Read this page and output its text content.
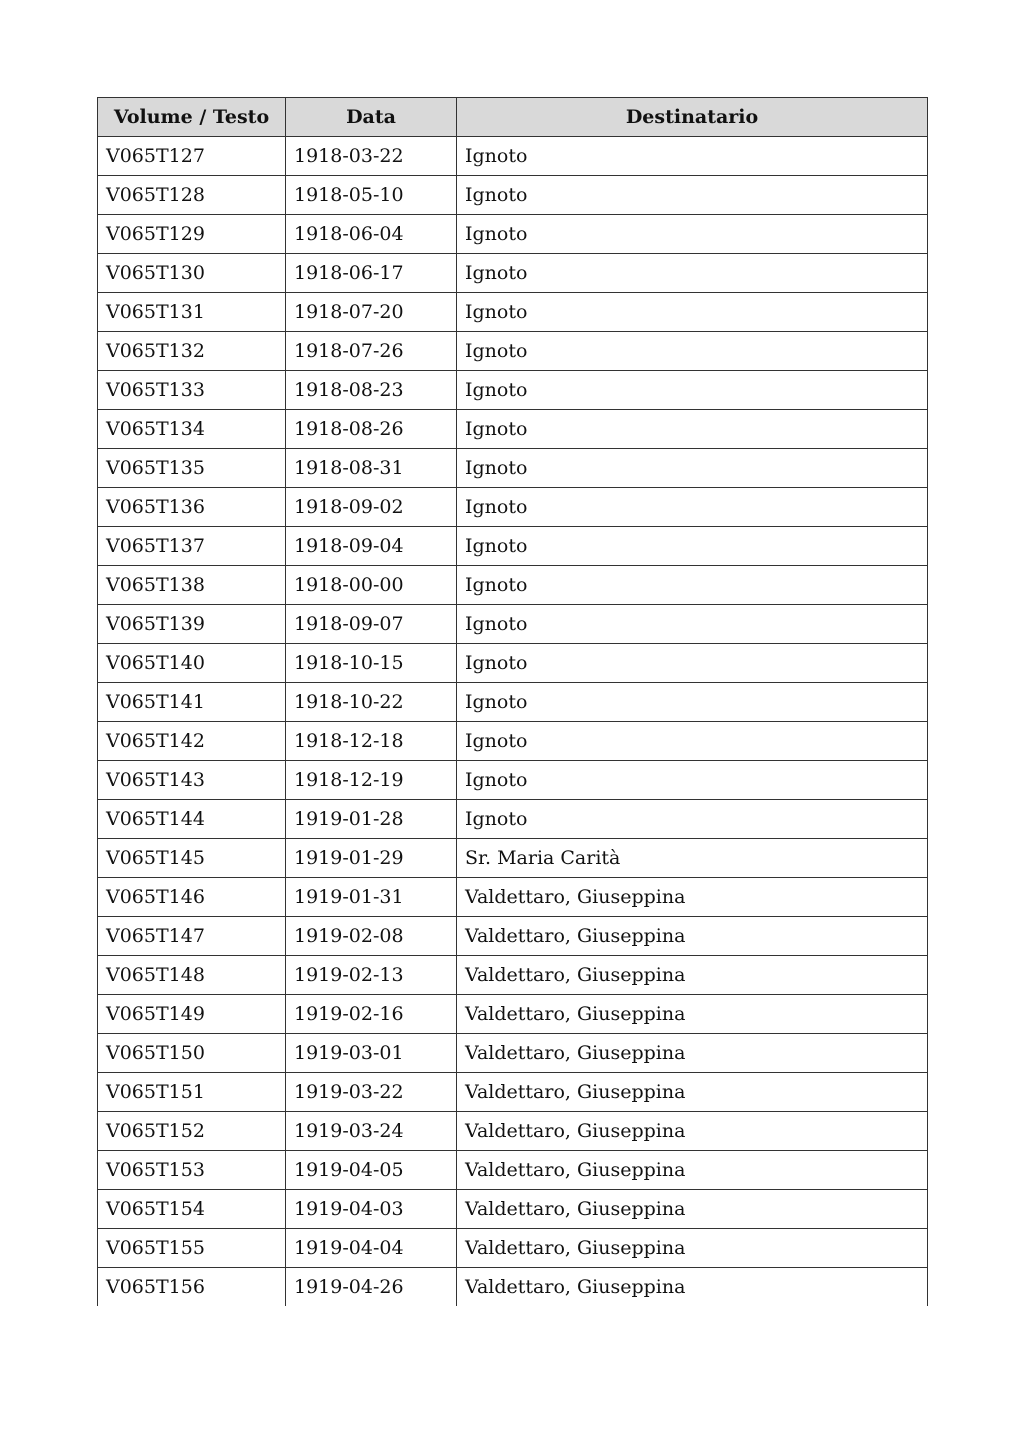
Volume / Testo	Data	Destinatario
V065T127	1918-03-22	Ignoto
V065T128	1918-05-10	Ignoto
V065T129	1918-06-04	Ignoto
V065T130	1918-06-17	Ignoto
V065T131	1918-07-20	Ignoto
V065T132	1918-07-26	Ignoto
V065T133	1918-08-23	Ignoto
V065T134	1918-08-26	Ignoto
V065T135	1918-08-31	Ignoto
V065T136	1918-09-02	Ignoto
V065T137	1918-09-04	Ignoto
V065T138	1918-00-00	Ignoto
V065T139	1918-09-07	Ignoto
V065T140	1918-10-15	Ignoto
V065T141	1918-10-22	Ignoto
V065T142	1918-12-18	Ignoto
V065T143	1918-12-19	Ignoto
V065T144	1919-01-28	Ignoto
V065T145	1919-01-29	Sr. Maria Carità
V065T146	1919-01-31	Valdettaro, Giuseppina
V065T147	1919-02-08	Valdettaro, Giuseppina
V065T148	1919-02-13	Valdettaro, Giuseppina
V065T149	1919-02-16	Valdettaro, Giuseppina
V065T150	1919-03-01	Valdettaro, Giuseppina
V065T151	1919-03-22	Valdettaro, Giuseppina
V065T152	1919-03-24	Valdettaro, Giuseppina
V065T153	1919-04-05	Valdettaro, Giuseppina
V065T154	1919-04-03	Valdettaro, Giuseppina
V065T155	1919-04-04	Valdettaro, Giuseppina
V065T156	1919-04-26	Valdettaro, Giuseppina
